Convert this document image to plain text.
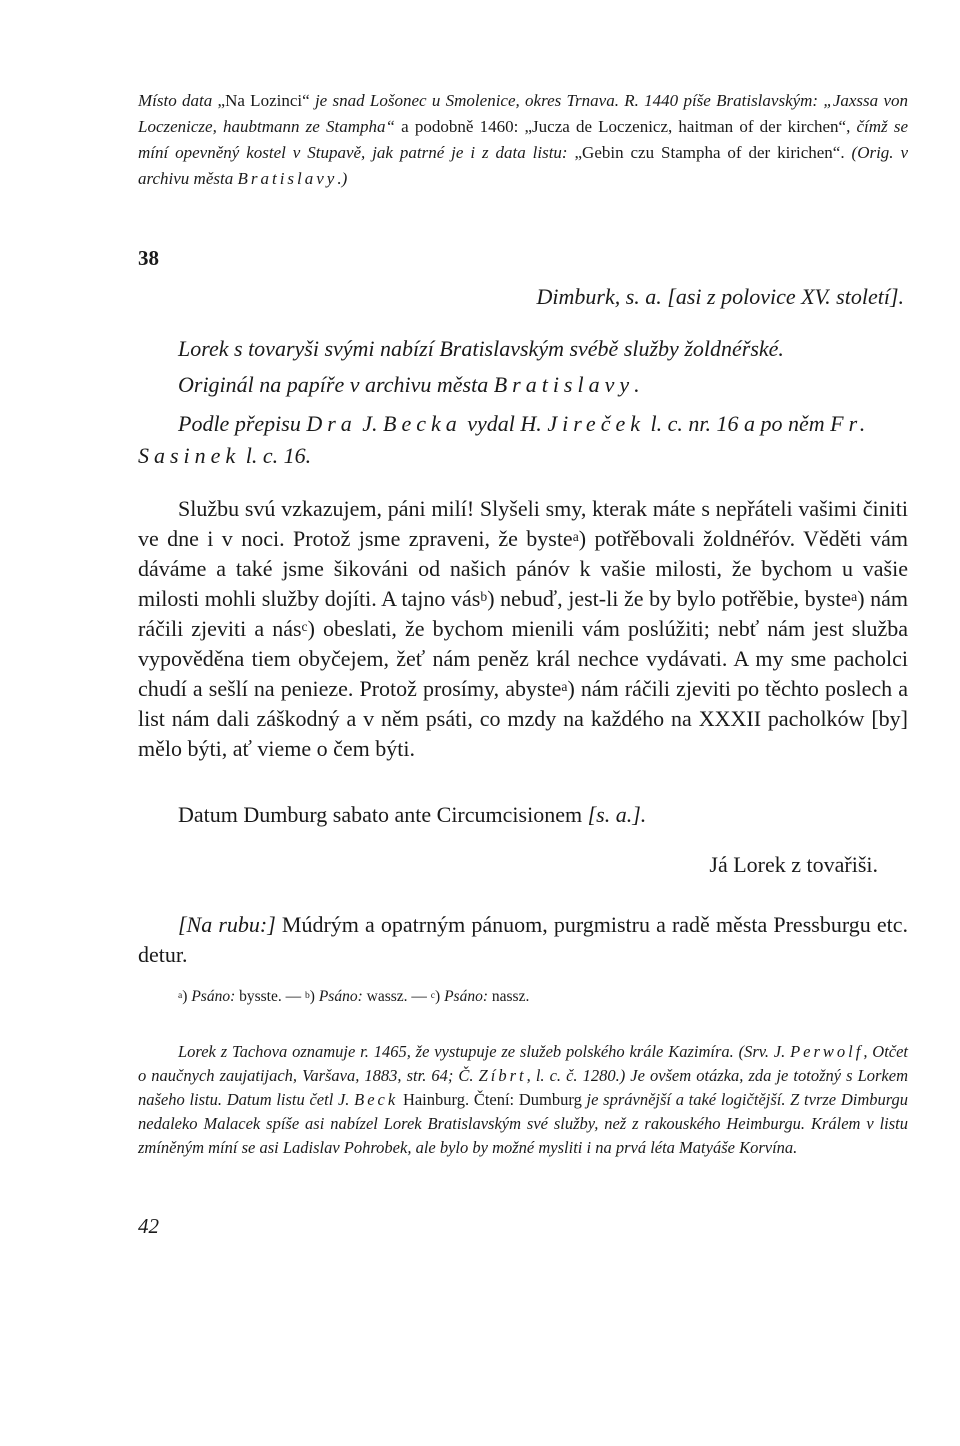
Místo data „Na Lozinci“ je snad Lošonec u Smolenice, okres Trnava. R. 1440 píše Bratislavským: „Jaxssa von Loczenicze, haubtmann ze Stampha“ a podobně 1460: „Jucza de Loczenicz, haitman of der kirchen“, čímž se míní opevněný kostel v Stupavě, jak patrné je i z data listu: „Gebin czu Stampha of der kirichen“. (Orig. v archivu města Bratislavy.)

38
Dimburk, s. a. [asi z polovice XV. století].
Lorek s tovaryši svými nabízí Bratislavským svébě služby žoldnéřské.
Originál na papíře v archivu města Bratislavy.

Podle přepisu Dra J. Becka vydal H. Jireček l. c. nr. 16 a po něm Fr. Sasinek l. c. 16.

Službu svú vzkazujem, páni milí! Slyšeli smy, kterak máte s nepřáteli vašimi činiti ve dne i v noci. Protož jsme zpraveni, že byste$^a$) potřěbovali žoldnéřóv. Věděti vám dáváme a také jsme šikováni od našich pánóv k vašie milosti, že bychom u vašie milosti mohli služby dojíti. A tajno vás$^b$) nebuď, jest-li že by bylo potřěbie, byste$^a$) nám ráčili zjeviti a nás$^c$) obeslati, že bychom mienili vám poslúžiti; nebť nám jest služba vypověděna tiem obyčejem, žeť nám peněz král nechce vydávati. A my sme pacholci chudí a sešlí na penieze. Protož prosímy, abyste$^a$) nám ráčili zjeviti po těchto poslech a list nám dali záškodný a v něm psáti, co mzdy na každého na XXXII pacholków [by] mělo býti, ať vieme o čem býti.

Datum Dumburg sabato ante Circumcisionem [s. a.].
Já Lorek z tovařiši.

[Na rubu:] Múdrým a opatrným pánuom, purgmistru a radě města Pressburgu etc. detur.

$^a$) Psáno: bysste. — $^b$) Psáno: wassz. — $^c$) Psáno: nassz.

Lorek z Tachova oznamuje r. 1465, že vystupuje ze služeb polského krále Kazimíra. (Srv. J. Perwolf, Otčet o naučnych zaujatijach, Varšava, 1883, str. 64; Č. Zíbrt, l. c. č. 1280.) Je ovšem otázka, zda je totožný s Lorkem našeho listu. Datum listu četl J. Beck Hainburg. Čtení: Dumburg je správnější a také logičtější. Z tvrze Dimburgu nedaleko Malacek spíše asi nabízel Lorek Bratislavským své služby, než z rakouského Heimburgu. Králem v listu zmíněným míní se asi Ladislav Pohrobek, ale bylo by možné mysliti i na prvá léta Matyáše Korvína.

42
